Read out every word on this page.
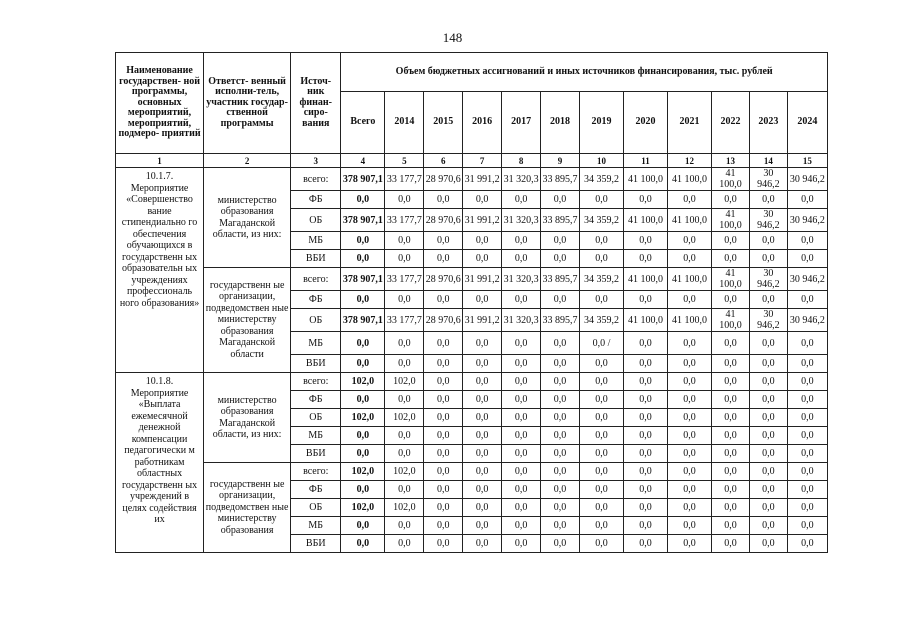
148
Наименование государствен- ной программы, основных мероприятий, мероприятий, подмеро- приятий	Ответст- венный исполни-тель, участник государ- ственной программы	Источ- ник финан- сиро- вания	Объем бюджетных ассигнований и иных источников финансирования, тыс. рублей											
			Всего	2014	2015	2016	2017	2018	2019	2020	2021	2022	2023	2024
1	2	3	4	5	6	7	8	9	10	11	12	13	14	15
10.1.7. Мероприятие «Совершенство вание стипендиально го обеспечения обучающихся в государственн ых образовательн ых учреждениях профессиональ ного образования»	министерство образования Магаданской области, из них:	всего:	378 907,1	33 177,7	28 970,6	31 991,2	31 320,3	33 895,7	34 359,2	41 100,0	41 100,0	41 100,0	30 946,2	30 946,2
		ФБ	0,0	0,0	0,0	0,0	0,0	0,0	0,0	0,0	0,0	0,0	0,0	0,0
		ОБ	378 907,1	33 177,7	28 970,6	31 991,2	31 320,3	33 895,7	34 359,2	41 100,0	41 100,0	41 100,0	30 946,2	30 946,2
		МБ	0,0	0,0	0,0	0,0	0,0	0,0	0,0	0,0	0,0	0,0	0,0	0,0
		ВБИ	0,0	0,0	0,0	0,0	0,0	0,0	0,0	0,0	0,0	0,0	0,0	0,0
	государственн ые организации, подведомствен ные министерству образования Магаданской области	всего:	378 907,1	33 177,7	28 970,6	31 991,2	31 320,3	33 895,7	34 359,2	41 100,0	41 100,0	41 100,0	30 946,2	30 946,2
		ФБ	0,0	0,0	0,0	0,0	0,0	0,0	0,0	0,0	0,0	0,0	0,0	0,0
		ОБ	378 907,1	33 177,7	28 970,6	31 991,2	31 320,3	33 895,7	34 359,2	41 100,0	41 100,0	41 100,0	30 946,2	30 946,2
		МБ	0,0	0,0	0,0	0,0	0,0	0,0	0,0 /	0,0	0,0	0,0	0,0	0,0
		ВБИ	0,0	0,0	0,0	0,0	0,0	0,0	0,0	0,0	0,0	0,0	0,0	0,0
10.1.8. Мероприятие «Выплата ежемесячной денежной компенсации педагогически м работникам областных государственн ых учреждений в целях содействия их	министерство образования Магаданской области, из них:	всего:	102,0	102,0	0,0	0,0	0,0	0,0	0,0	0,0	0,0	0,0	0,0	0,0
		ФБ	0,0	0,0	0,0	0,0	0,0	0,0	0,0	0,0	0,0	0,0	0,0	0,0
		ОБ	102,0	102,0	0,0	0,0	0,0	0,0	0,0	0,0	0,0	0,0	0,0	0,0
		МБ	0,0	0,0	0,0	0,0	0,0	0,0	0,0	0,0	0,0	0,0	0,0	0,0
		ВБИ	0,0	0,0	0,0	0,0	0,0	0,0	0,0	0,0	0,0	0,0	0,0	0,0
	государственн ые организации, подведомствен ные министерству образования	всего:	102,0	102,0	0,0	0,0	0,0	0,0	0,0	0,0	0,0	0,0	0,0	0,0
		ФБ	0,0	0,0	0,0	0,0	0,0	0,0	0,0	0,0	0,0	0,0	0,0	0,0
		ОБ	102,0	102,0	0,0	0,0	0,0	0,0	0,0	0,0	0,0	0,0	0,0	0,0
		МБ	0,0	0,0	0,0	0,0	0,0	0,0	0,0	0,0	0,0	0,0	0,0	0,0
		ВБИ	0,0	0,0	0,0	0,0	0,0	0,0	0,0	0,0	0,0	0,0	0,0	0,0
